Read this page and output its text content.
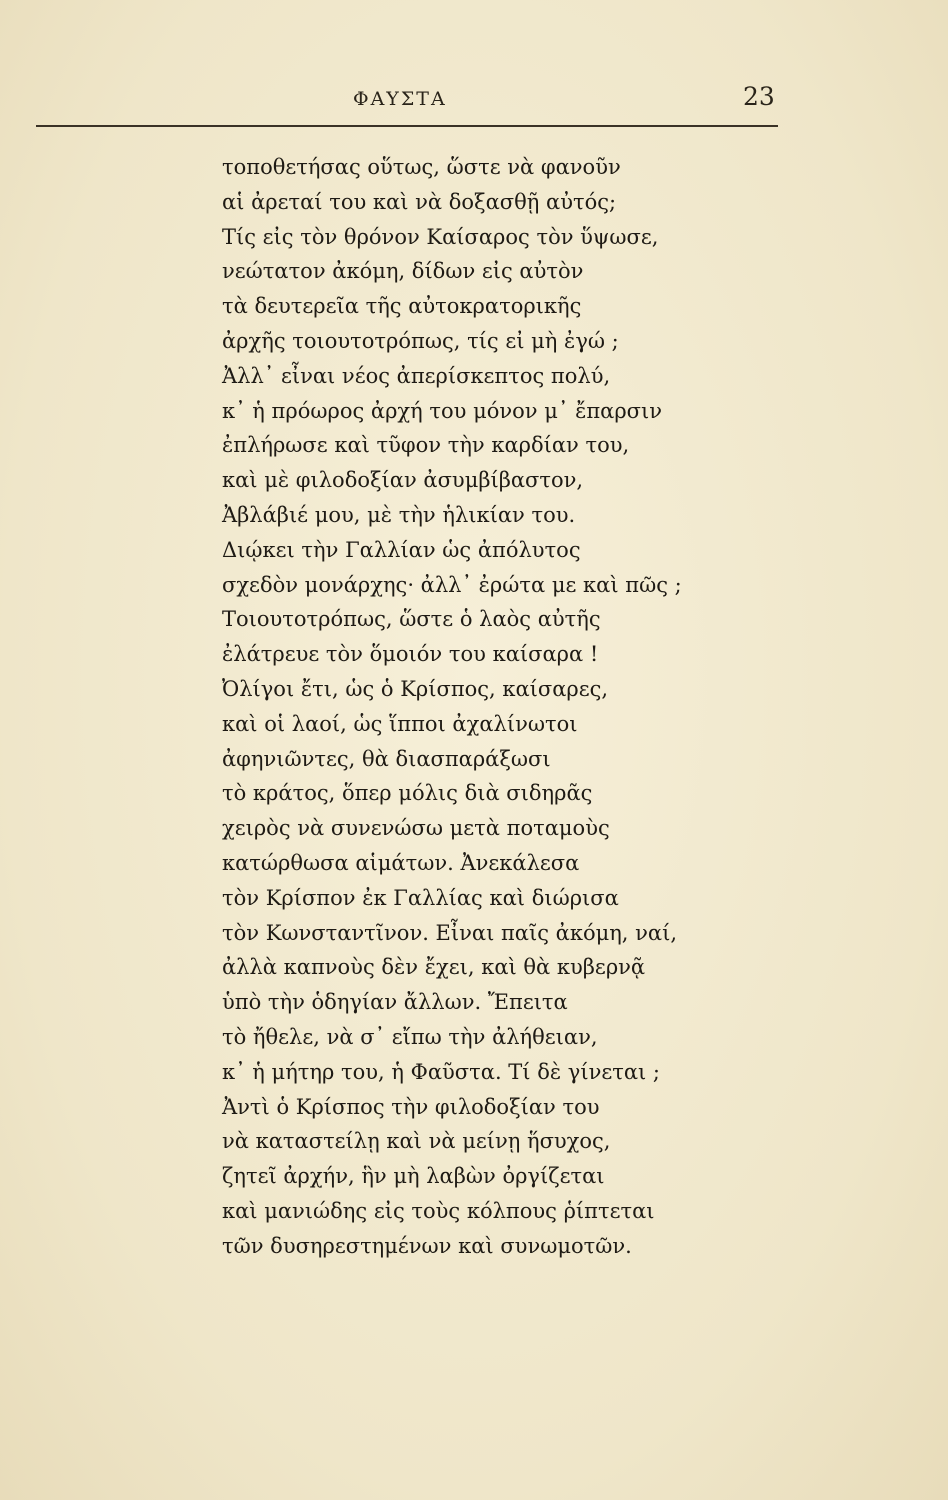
ΦΑΥΣΤΑ	23
τοποθετήσας οὕτως, ὥστε νὰ φανοῦν
αἱ ἀρεταί του καὶ νὰ δοξασθῇ αὐτός;
Τίς εἰς τὸν θρόνον Καίσαρος τὸν ὕψωσε,
νεώτατον ἀκόμη, δίδων εἰς αὐτὸν
τὰ δευτερεῖα τῆς αὐτοκρατορικῆς
ἀρχῆς τοιουτοτρόπως, τίς εἰ μὴ ἐγώ ;
Ἀλλ᾽ εἶναι νέος ἀπερίσκεπτος πολύ,
κ᾽ ἡ πρόωρος ἀρχή του μόνον μ᾽ ἔπαρσιν
ἐπλήρωσε καὶ τῦφον τὴν καρδίαν του,
καὶ μὲ φιλοδοξίαν ἀσυμβίβαστον,
Ἀβλάβιέ μου, μὲ τὴν ἡλικίαν του.
Διῴκει τὴν Γαλλίαν ὡς ἀπόλυτος
σχεδὸν μονάρχης· ἀλλ᾽ ἐρώτα με καὶ πῶς ;
Τοιουτοτρόπως, ὥστε ὁ λαὸς αὐτῆς
ἐλάτρευε τὸν ὅμοιόν του καίσαρα !
Ὀλίγοι ἔτι, ὡς ὁ Κρίσπος, καίσαρες,
καὶ οἱ λαοί, ὡς ἵπποι ἀχαλίνωτοι
ἀφηνιῶντες, θὰ διασπαράξωσι
τὸ κράτος, ὅπερ μόλις διὰ σιδηρᾶς
χειρὸς νὰ συνενώσω μετὰ ποταμοὺς
κατώρθωσα αἱμάτων. Ἀνεκάλεσα
τὸν Κρίσπον ἐκ Γαλλίας καὶ διώρισα
τὸν Κωνσταντῖνον. Εἶναι παῖς ἀκόμη, ναί,
ἀλλὰ καπνοὺς δὲν ἔχει, καὶ θὰ κυβερνᾷ
ὑπὸ τὴν ὁδηγίαν ἄλλων. Ἔπειτα
τὸ ἤθελε, νὰ σ᾽ εἴπω τὴν ἀλήθειαν,
κ᾽ ἡ μήτηρ του, ἡ Φαῦστα. Τί δὲ γίνεται ;
Ἀντὶ ὁ Κρίσπος τὴν φιλοδοξίαν του
νὰ καταστείλῃ καὶ νὰ μείνῃ ἥσυχος,
ζητεῖ ἀρχήν, ἣν μὴ λαβὼν ὀργίζεται
καὶ μανιώδης εἰς τοὺς κόλπους ῥίπτεται
τῶν δυσηρεστημένων καὶ συνωμοτῶν.
